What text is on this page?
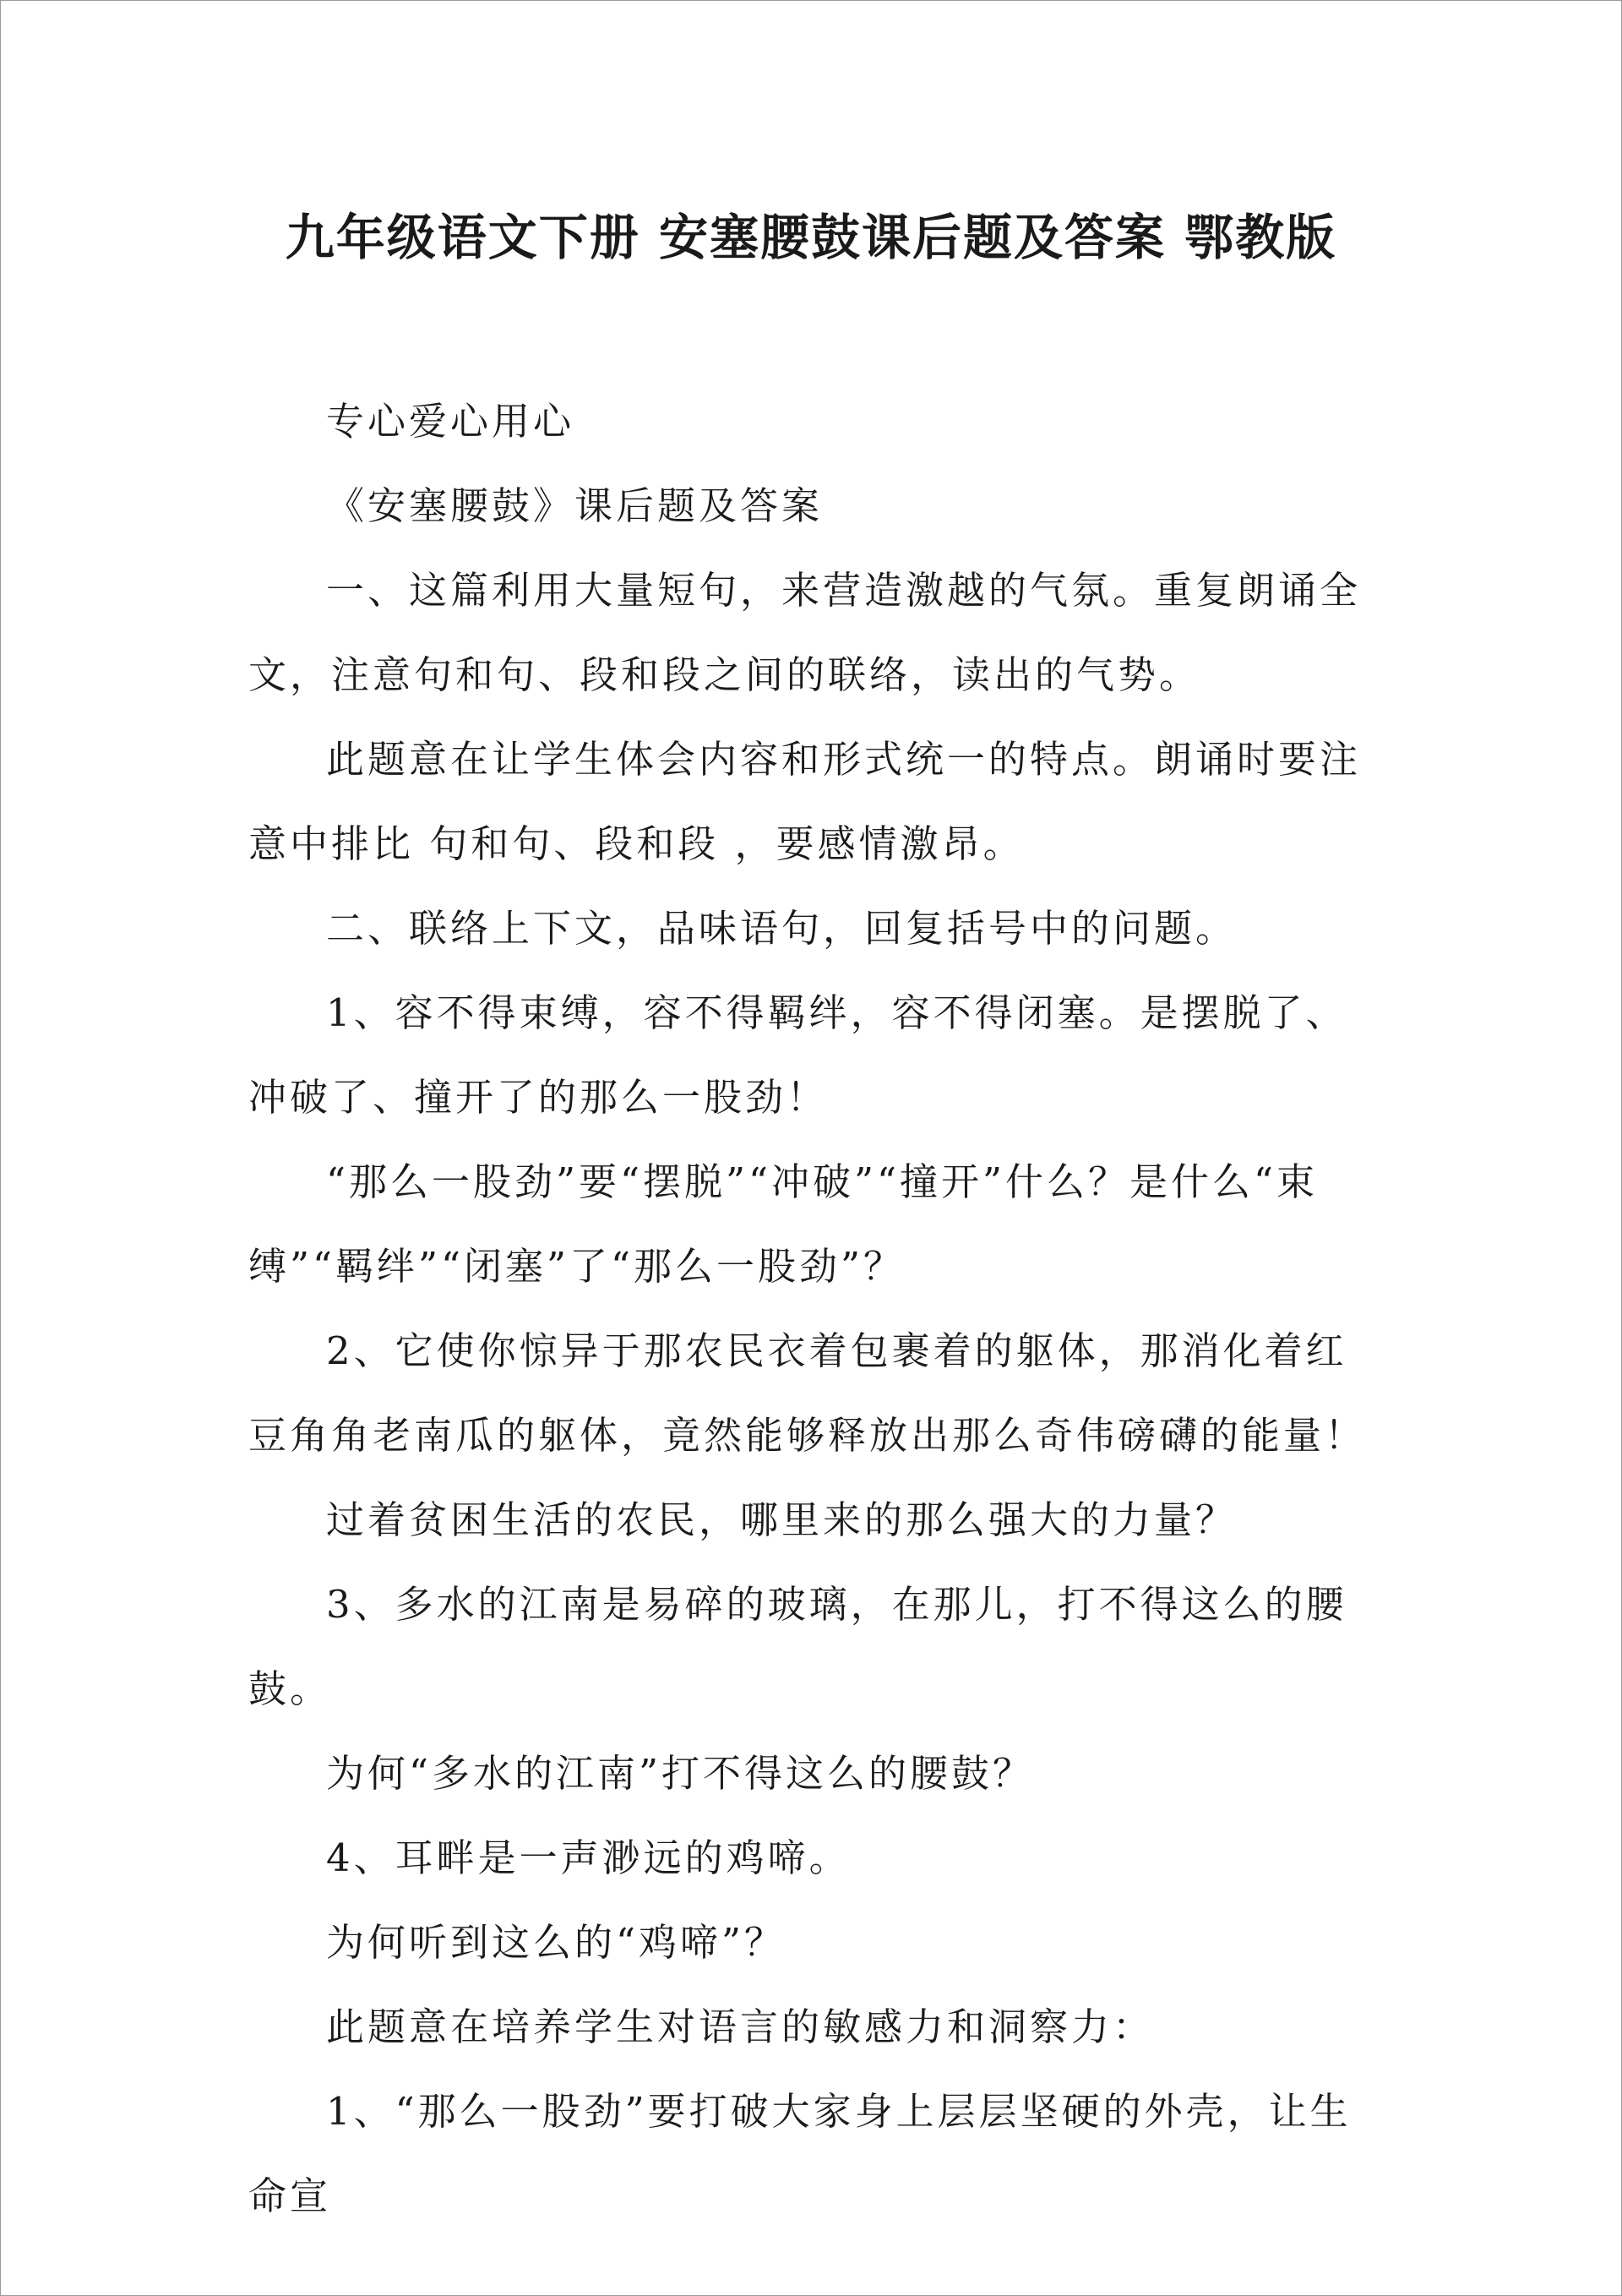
九年级语文下册 安塞腰鼓课后题及答案 鄂教版

专心爱心用心

《安塞腰鼓》课后题及答案

一、这篇利用大量短句，来营造激越的气氛。重复朗诵全文，注意句和句、段和段之间的联络，读出的气势。

此题意在让学生体会内容和形式统一的特点。朗诵时要注意中排比 句和句、段和段 ，要感情激昂。

二、联络上下文，品味语句，回复括号中的问题。

1、容不得束缚，容不得羁绊，容不得闭塞。是摆脱了、冲破了、撞开了的那么一股劲！

“那么一股劲”要“摆脱”“冲破”“撞开”什么？是什么“束缚”“羁绊”“闭塞”了“那么一股劲”？

2、它使你惊异于那农民衣着包裹着的躯体，那消化着红豆角角老南瓜的躯体，竟然能够释放出那么奇伟磅礴的能量！

过着贫困生活的农民，哪里来的那么强大的力量？

3、多水的江南是易碎的玻璃，在那儿，打不得这么的腰鼓。

为何“多水的江南”打不得这么的腰鼓？

4、耳畔是一声渺远的鸡啼。

为何听到这么的“鸡啼”？

此题意在培养学生对语言的敏感力和洞察力：

1、“那么一股劲”要打破大家身上层层坚硬的外壳，让生命宣
